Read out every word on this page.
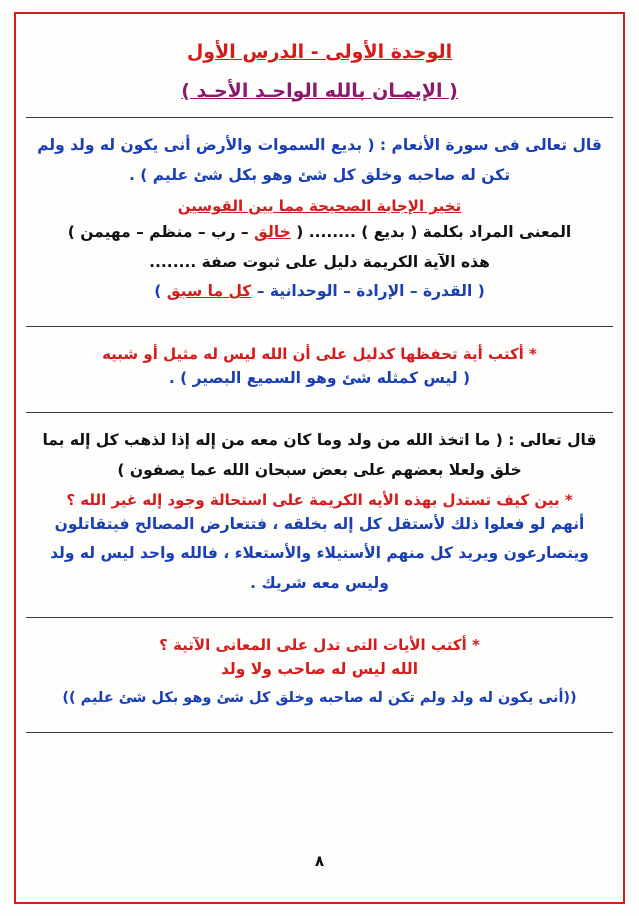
الوحدة الأولى - الدرس الأول
( الإيمـان بالله الواحـد الأحـد )
قال تعالى فى سورة الأنعام : ( بديع السموات والأرض أنى يكون له ولد ولم
تكن له صاحبه وخلق كل شئ وهو بكل شئ عليم ) .
تخير الإجابة الصحيحة مما بين القوسين
المعنى المراد بكلمة ( بديع ) ........ ( خالق – رب – منظم – مهيمن )
هذه الآية الكريمة دليل على ثبوت صفة ........
( القدرة – الإرادة – الوحدانية – كل ما سبق )
* أكتب أية تحفظها كدليل على أن الله ليس له مثيل أو شبيه
( ليس كمثله شئ وهو السميع البصير ) .
قال تعالى : ( ما اتخذ الله من ولد وما كان معه من إله إذا لذهب كل إله بما
خلق ولعلا بعضهم على بعض سبحان الله عما يصفون )
* بين كيف تستدل بهذه الأيه الكريمة على استحالة وجود إله غير الله ؟
أنهم لو فعلوا ذلك لأستقل كل إله بخلقه ، فتتعارض المصالح فيتقاتلون
ويتصارعون ويريد كل منهم الأستيلاء والأستعلاء ، فالله واحد ليس له ولد
وليس معه شريك .
* أكتب الأيات التى تدل على المعانى الآتية ؟
الله ليس له صاحب ولا ولد
((أنى يكون له ولد ولم تكن له صاحبه وخلق كل شئ وهو بكل شئ عليم ))
٨
